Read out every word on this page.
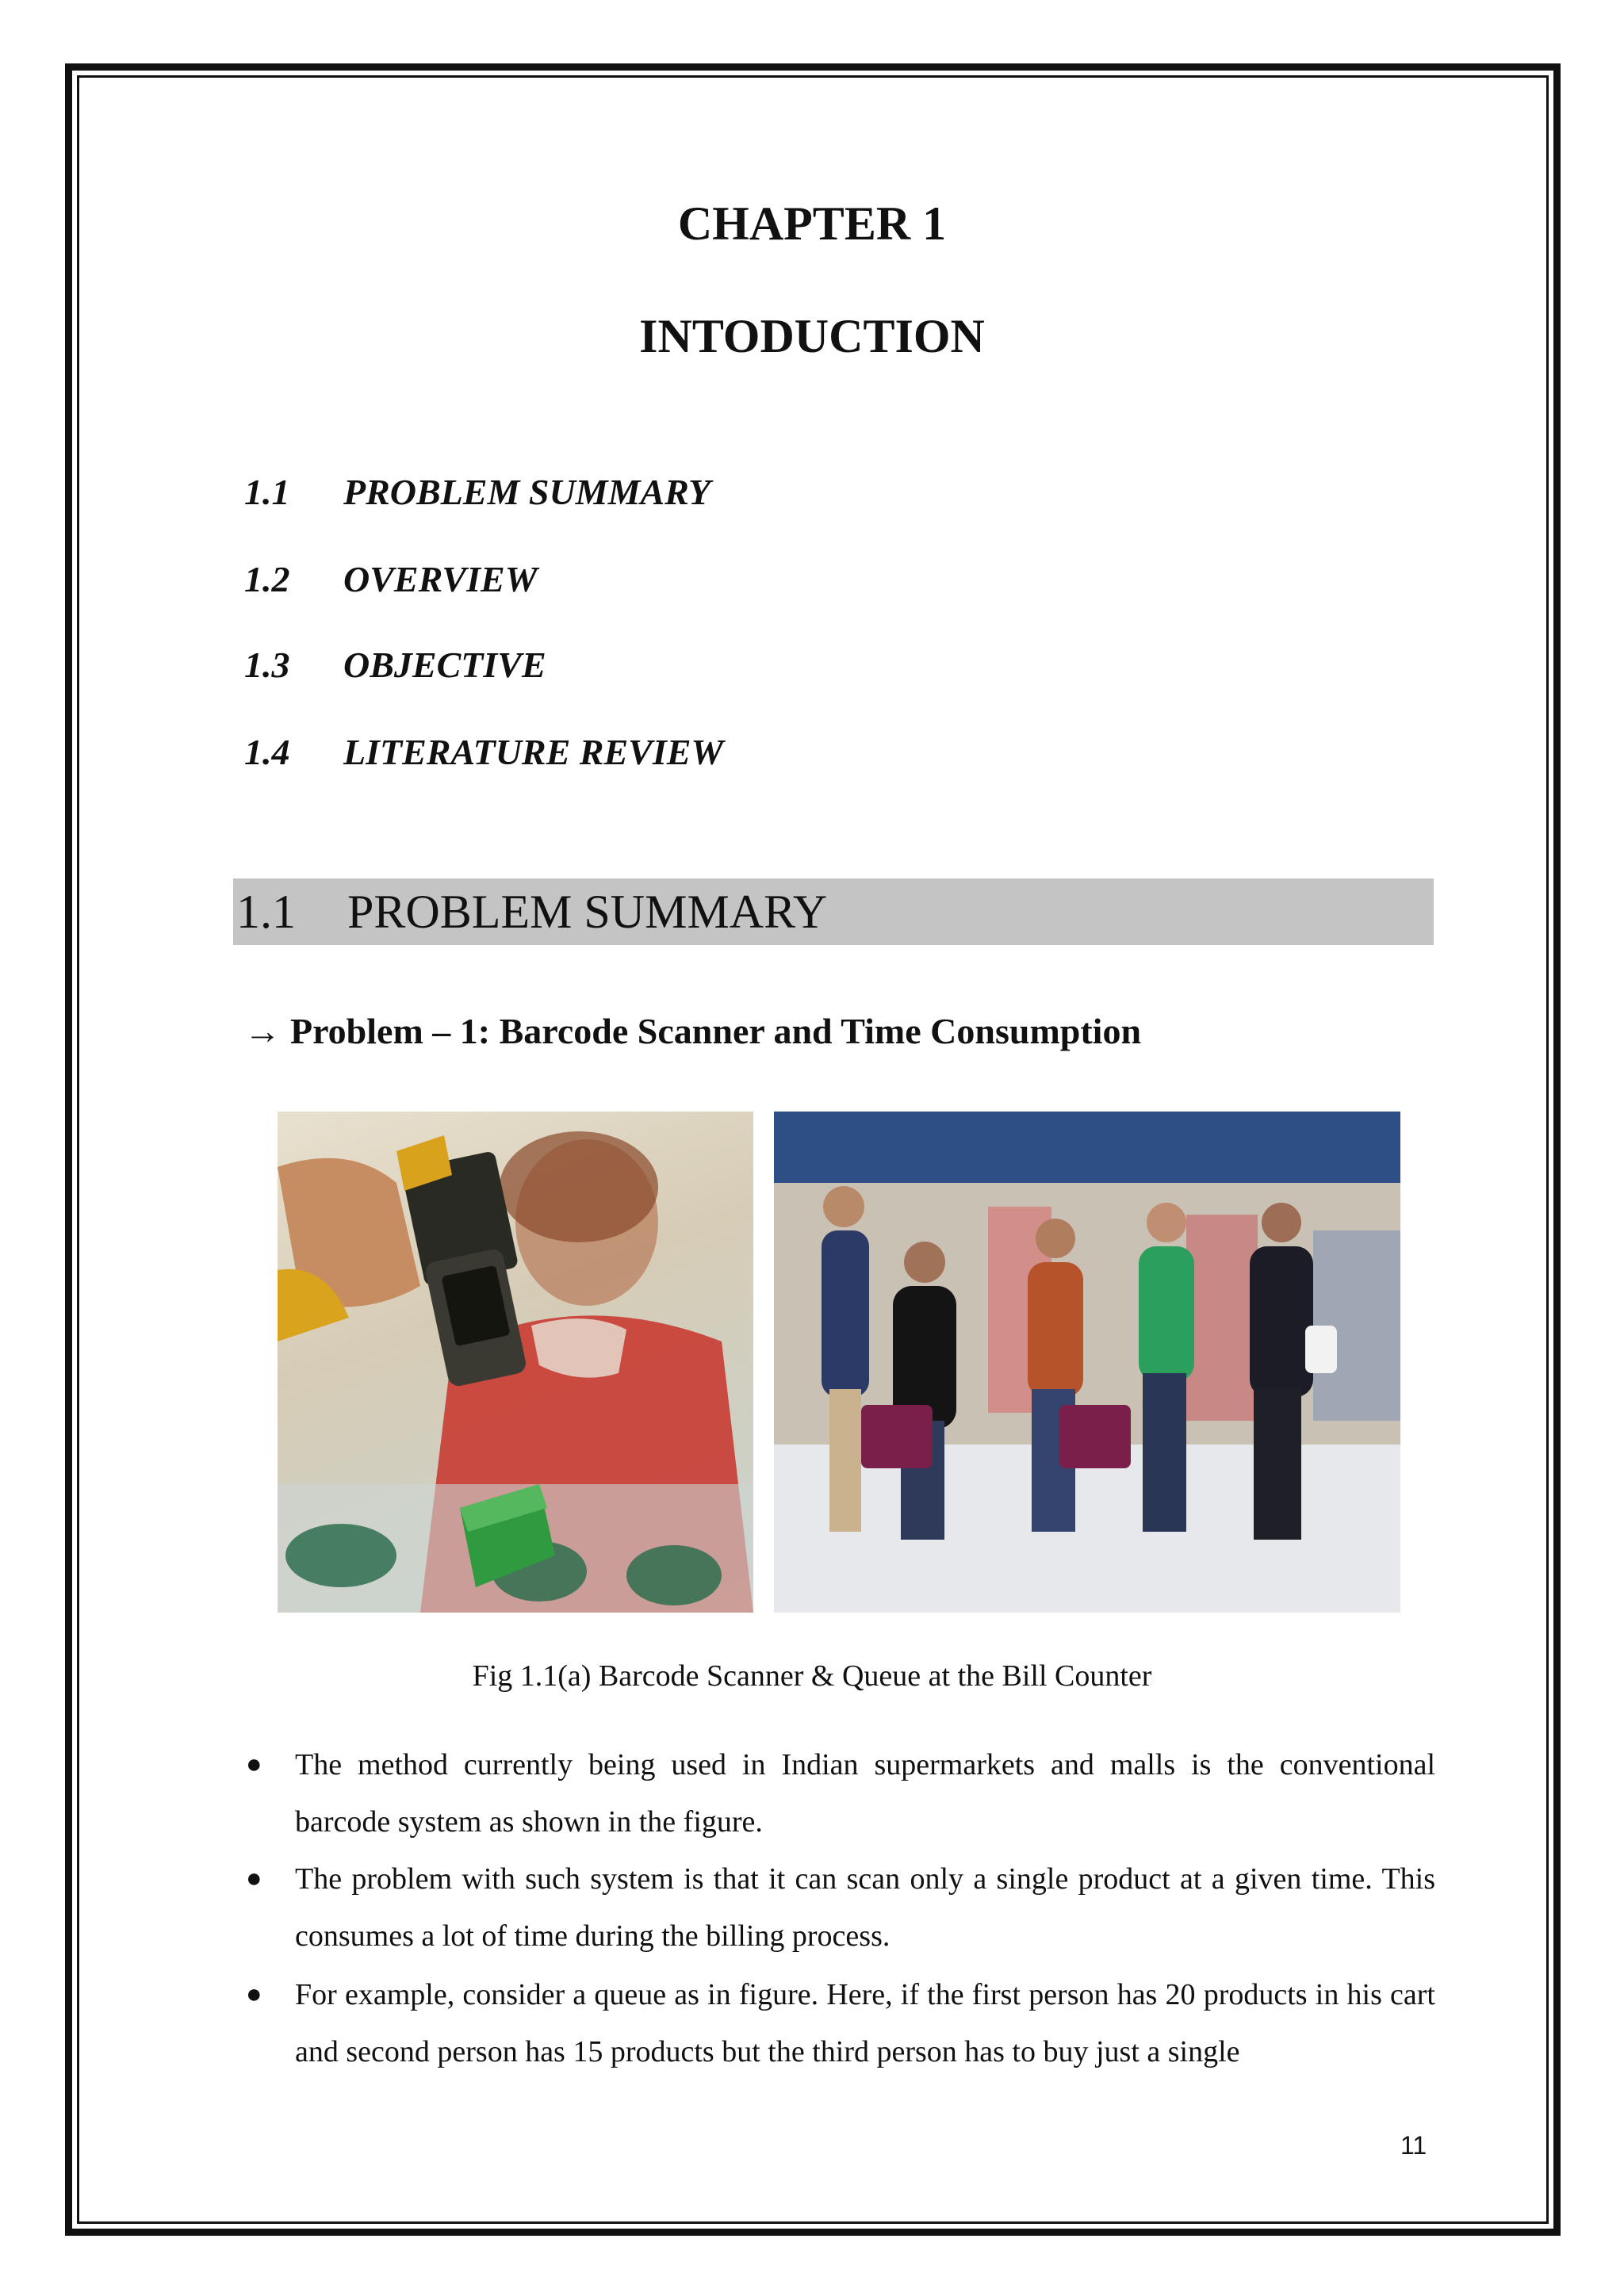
CHAPTER 1
INTODUCTION
1.1	PROBLEM SUMMARY
1.2	OVERVIEW
1.3	OBJECTIVE
1.4	LITERATURE REVIEW
1.1	PROBLEM SUMMARY
→ Problem – 1: Barcode Scanner and Time Consumption
Fig 1.1(a) Barcode Scanner & Queue at the Bill Counter
●	The method currently being used in Indian supermarkets and malls is the conventional barcode system as shown in the figure.
●	The problem with such system is that it can scan only a single product at a given time. This consumes a lot of time during the billing process.
●	For example, consider a queue as in figure. Here, if the first person has 20 products in his cart and second person has 15 products but the third person has to buy just a single
11
